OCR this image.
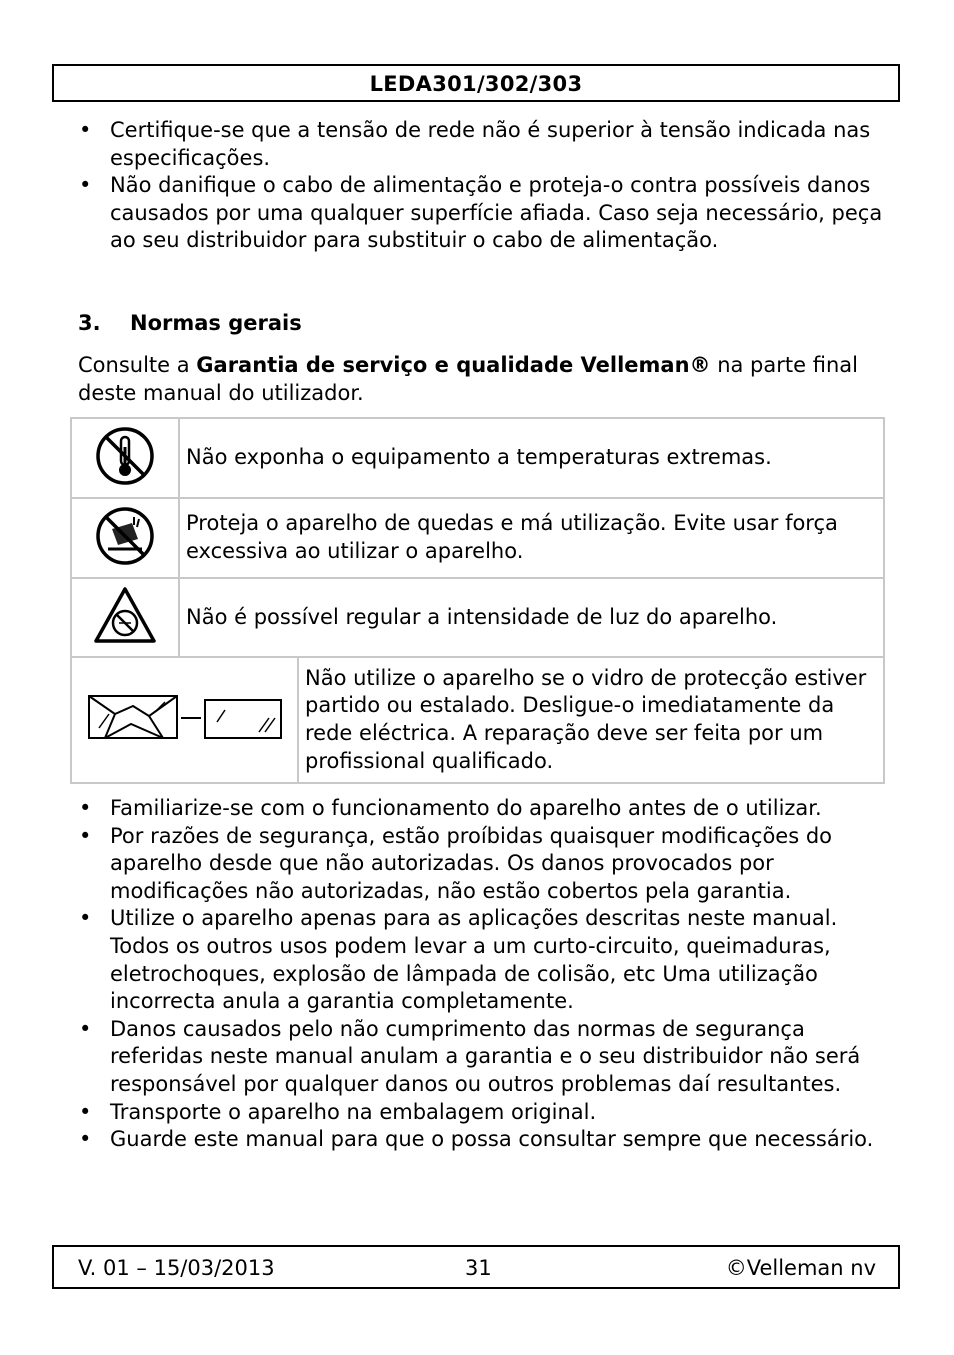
LEDA301/302/303
• Certifique-se que a tensão de rede não é superior à tensão indicada nas especificações.
• Não danifique o cabo de alimentação e proteja-o contra possíveis danos causados por uma qualquer superfície afiada. Caso seja necessário, peça ao seu distribuidor para substituir o cabo de alimentação.
3. Normas gerais
Consulte a Garantia de serviço e qualidade Velleman® na parte final deste manual do utilizador.
	Não exponha o equipamento a temperaturas extremas.	
	Proteja o aparelho de quedas e má utilização. Evite usar força excessiva ao utilizar o aparelho.	
	Não é possível regular a intensidade de luz do aparelho.	
	Não utilize o aparelho se o vidro de protecção estiver partido ou estalado. Desligue-o imediatamente da rede eléctrica. A reparação deve ser feita por um profissional qualificado.
• Familiarize-se com o funcionamento do aparelho antes de o utilizar.
• Por razões de segurança, estão proíbidas quaisquer modificações do aparelho desde que não autorizadas. Os danos provocados por modificações não autorizadas, não estão cobertos pela garantia.
• Utilize o aparelho apenas para as aplicações descritas neste manual. Todos os outros usos podem levar a um curto-circuito, queimaduras, eletrochoques, explosão de lâmpada de colisão, etc Uma utilização incorrecta anula a garantia completamente.
• Danos causados pelo não cumprimento das normas de segurança referidas neste manual anulam a garantia e o seu distribuidor não será responsável por qualquer danos ou outros problemas daí resultantes.
• Transporte o aparelho na embalagem original.
• Guarde este manual para que o possa consultar sempre que necessário.
V. 01 – 15/03/2013	31	©Velleman nv
